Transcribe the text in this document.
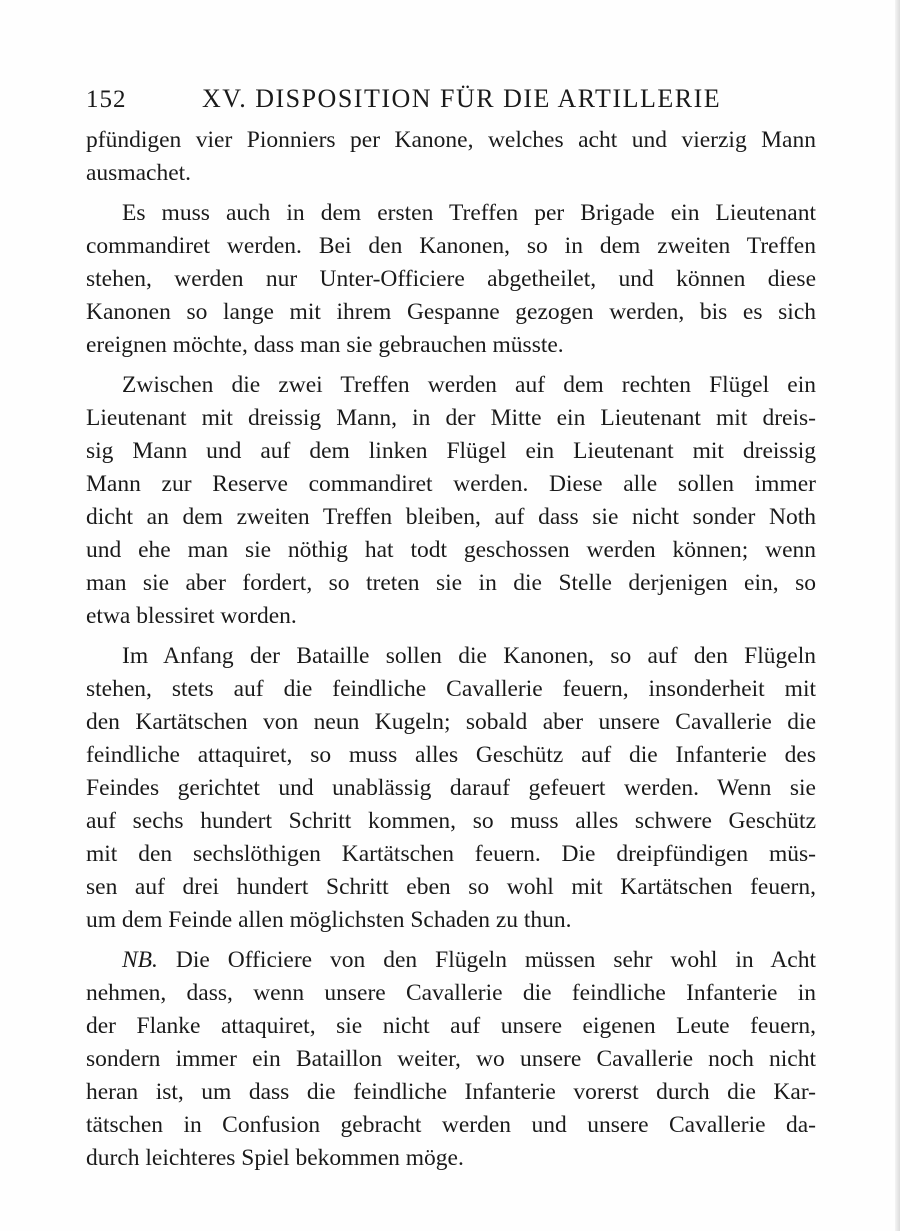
152	XV. DISPOSITION FÜR DIE ARTILLERIE
pfündigen vier Pionniers per Kanone, welches acht und vierzig Mann
ausmachet.
Es muss auch in dem ersten Treffen per Brigade ein Lieutenant
commandiret werden. Bei den Kanonen, so in dem zweiten Treffen
stehen, werden nur Unter-Officiere abgetheilet, und können diese
Kanonen so lange mit ihrem Gespanne gezogen werden, bis es sich
ereignen möchte, dass man sie gebrauchen müsste.
Zwischen die zwei Treffen werden auf dem rechten Flügel ein
Lieutenant mit dreissig Mann, in der Mitte ein Lieutenant mit dreis-
sig Mann und auf dem linken Flügel ein Lieutenant mit dreissig
Mann zur Reserve commandiret werden. Diese alle sollen immer
dicht an dem zweiten Treffen bleiben, auf dass sie nicht sonder Noth
und ehe man sie nöthig hat todt geschossen werden können; wenn
man sie aber fordert, so treten sie in die Stelle derjenigen ein, so
etwa blessiret worden.
Im Anfang der Bataille sollen die Kanonen, so auf den Flügeln
stehen, stets auf die feindliche Cavallerie feuern, insonderheit mit
den Kartätschen von neun Kugeln; sobald aber unsere Cavallerie die
feindliche attaquiret, so muss alles Geschütz auf die Infanterie des
Feindes gerichtet und unablässig darauf gefeuert werden. Wenn sie
auf sechs hundert Schritt kommen, so muss alles schwere Geschütz
mit den sechslöthigen Kartätschen feuern. Die dreipfündigen müs-
sen auf drei hundert Schritt eben so wohl mit Kartätschen feuern,
um dem Feinde allen möglichsten Schaden zu thun.
NB. Die Officiere von den Flügeln müssen sehr wohl in Acht
nehmen, dass, wenn unsere Cavallerie die feindliche Infanterie in
der Flanke attaquiret, sie nicht auf unsere eigenen Leute feuern,
sondern immer ein Bataillon weiter, wo unsere Cavallerie noch nicht
heran ist, um dass die feindliche Infanterie vorerst durch die Kar-
tätschen in Confusion gebracht werden und unsere Cavallerie da-
durch leichteres Spiel bekommen möge.
